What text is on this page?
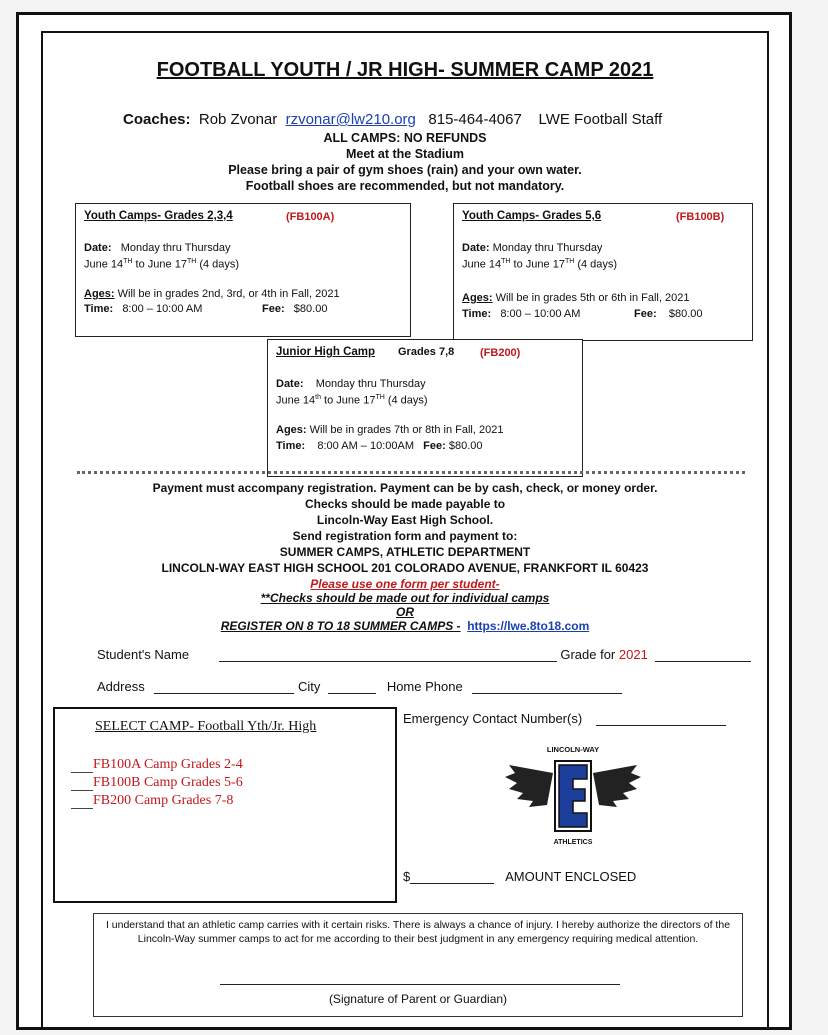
FOOTBALL YOUTH / JR HIGH- SUMMER CAMP 2021
Coaches: Rob Zvonar rzvonar@lw210.org 815-464-4067 LWE Football Staff
ALL CAMPS: NO REFUNDS
Meet at the Stadium
Please bring a pair of gym shoes (rain) and your own water.
Football shoes are recommended, but not mandatory.
Youth Camps- Grades 2,3,4	(FB100A)
Date: Monday thru Thursday
June 14TH to June 17TH (4 days)
Ages: Will be in grades 2nd, 3rd, or 4th in Fall, 2021
Time: 8:00 – 10:00 AM	Fee: $80.00
Youth Camps- Grades 5,6	(FB100B)
Date: Monday thru Thursday
June 14TH to June 17TH (4 days)
Ages: Will be in grades 5th or 6th in Fall, 2021
Time: 8:00 – 10:00 AM	Fee: $80.00
Junior High Camp Grades 7,8 (FB200)
Date: Monday thru Thursday
June 14th to June 17TH (4 days)
Ages: Will be in grades 7th or 8th in Fall, 2021
Time: 8:00 AM – 10:00AM Fee: $80.00
Payment must accompany registration. Payment can be by cash, check, or money order.
Checks should be made payable to
Lincoln-Way East High School.
Send registration form and payment to:
SUMMER CAMPS, ATHLETIC DEPARTMENT
LINCOLN-WAY EAST HIGH SCHOOL 201 COLORADO AVENUE, FRANKFORT IL 60423
Please use one form per student-
**Checks should be made out for individual camps
OR
REGISTER ON 8 TO 18 SUMMER CAMPS - https://lwe.8to18.com
Student's Name	Grade for 2021
Address	City	Home Phone
Emergency Contact Number(s)
SELECT CAMP- Football Yth/Jr. High
FB100A Camp Grades 2-4
FB100B Camp Grades 5-6
FB200 Camp Grades 7-8
LINCOLN-WAY
ATHLETICS
$	AMOUNT ENCLOSED
I understand that an athletic camp carries with it certain risks. There is always a chance of injury. I hereby authorize the directors of the Lincoln-Way summer camps to act for me according to their best judgment in any emergency requiring medical attention.
(Signature of Parent or Guardian)
